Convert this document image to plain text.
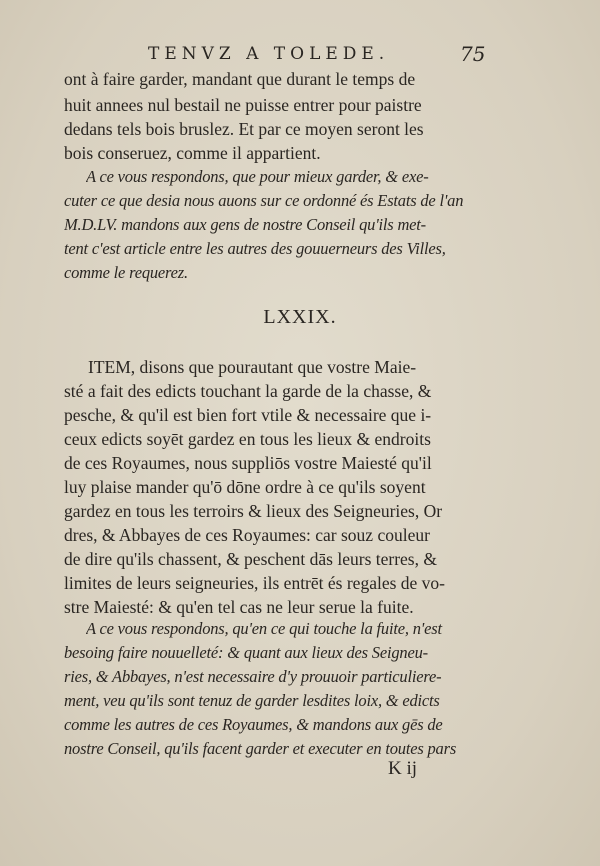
TENVZ A TOLEDE.	75
ont à faire garder, mandant que durant le temps de
huit annees nul bestail ne puisse entrer pour paistre
dedans tels bois bruslez. Et par ce moyen seront les
bois conseruez, comme il appartient.
A ce vous respondons, que pour mieux garder, & exe-
cuter ce que desia nous auons sur ce ordonné és Estats de l'an
M.D.LV. mandons aux gens de nostre Conseil qu'ils met-
tent c'est article entre les autres des gouuerneurs des Villes,
comme le requerez.
LXXIX.
ITEM, disons que pourautant que vostre Maie-
sté a fait des edicts touchant la garde de la chasse, &
pesche, & qu'il est bien fort vtile & necessaire que i-
ceux edicts soyēt gardez en tous les lieux & endroits
de ces Royaumes, nous suppliōs vostre Maiesté qu'il
luy plaise mander qu'ō dōne ordre à ce qu'ils soyent
gardez en tous les terroirs & lieux des Seigneuries, Or
dres, & Abbayes de ces Royaumes: car souz couleur
de dire qu'ils chassent, & peschent dās leurs terres, &
limites de leurs seigneuries, ils entrēt és regales de vo-
stre Maiesté: & qu'en tel cas ne leur serue la fuite.
A ce vous respondons, qu'en ce qui touche la fuite, n'est
besoing faire nouuelleté: & quant aux lieux des Seigneu-
ries, & Abbayes, n'est necessaire d'y prouuoir particuliere-
ment, veu qu'ils sont tenuz de garder lesdites loix, & edicts
comme les autres de ces Royaumes, & mandons aux gēs de
nostre Conseil, qu'ils facent garder et executer en toutes pars
K ij
